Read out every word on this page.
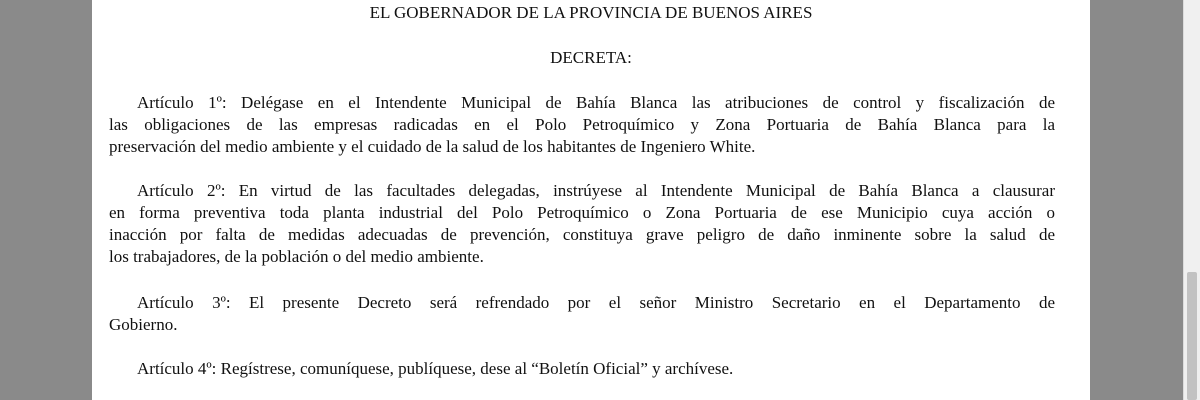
EL GOBERNADOR DE LA PROVINCIA DE BUENOS AIRES
DECRETA:
Artículo 1º: Delégase en el Intendente Municipal de Bahía Blanca las atribuciones de control y fiscalización de
las obligaciones de las empresas radicadas en el Polo Petroquímico y Zona Portuaria de Bahía Blanca para la
preservación del medio ambiente y el cuidado de la salud de los habitantes de Ingeniero White.
Artículo 2º: En virtud de las facultades delegadas, instrúyese al Intendente Municipal de Bahía Blanca a clausurar
en forma preventiva toda planta industrial del Polo Petroquímico o Zona Portuaria de ese Municipio cuya acción o
inacción por falta de medidas adecuadas de prevención, constituya grave peligro de daño inminente sobre la salud de
los trabajadores, de la población o del medio ambiente.
Artículo 3º: El presente Decreto será refrendado por el señor Ministro Secretario en el Departamento de
Gobierno.
Artículo 4º: Regístrese, comuníquese, publíquese, dese al “Boletín Oficial” y archívese.
